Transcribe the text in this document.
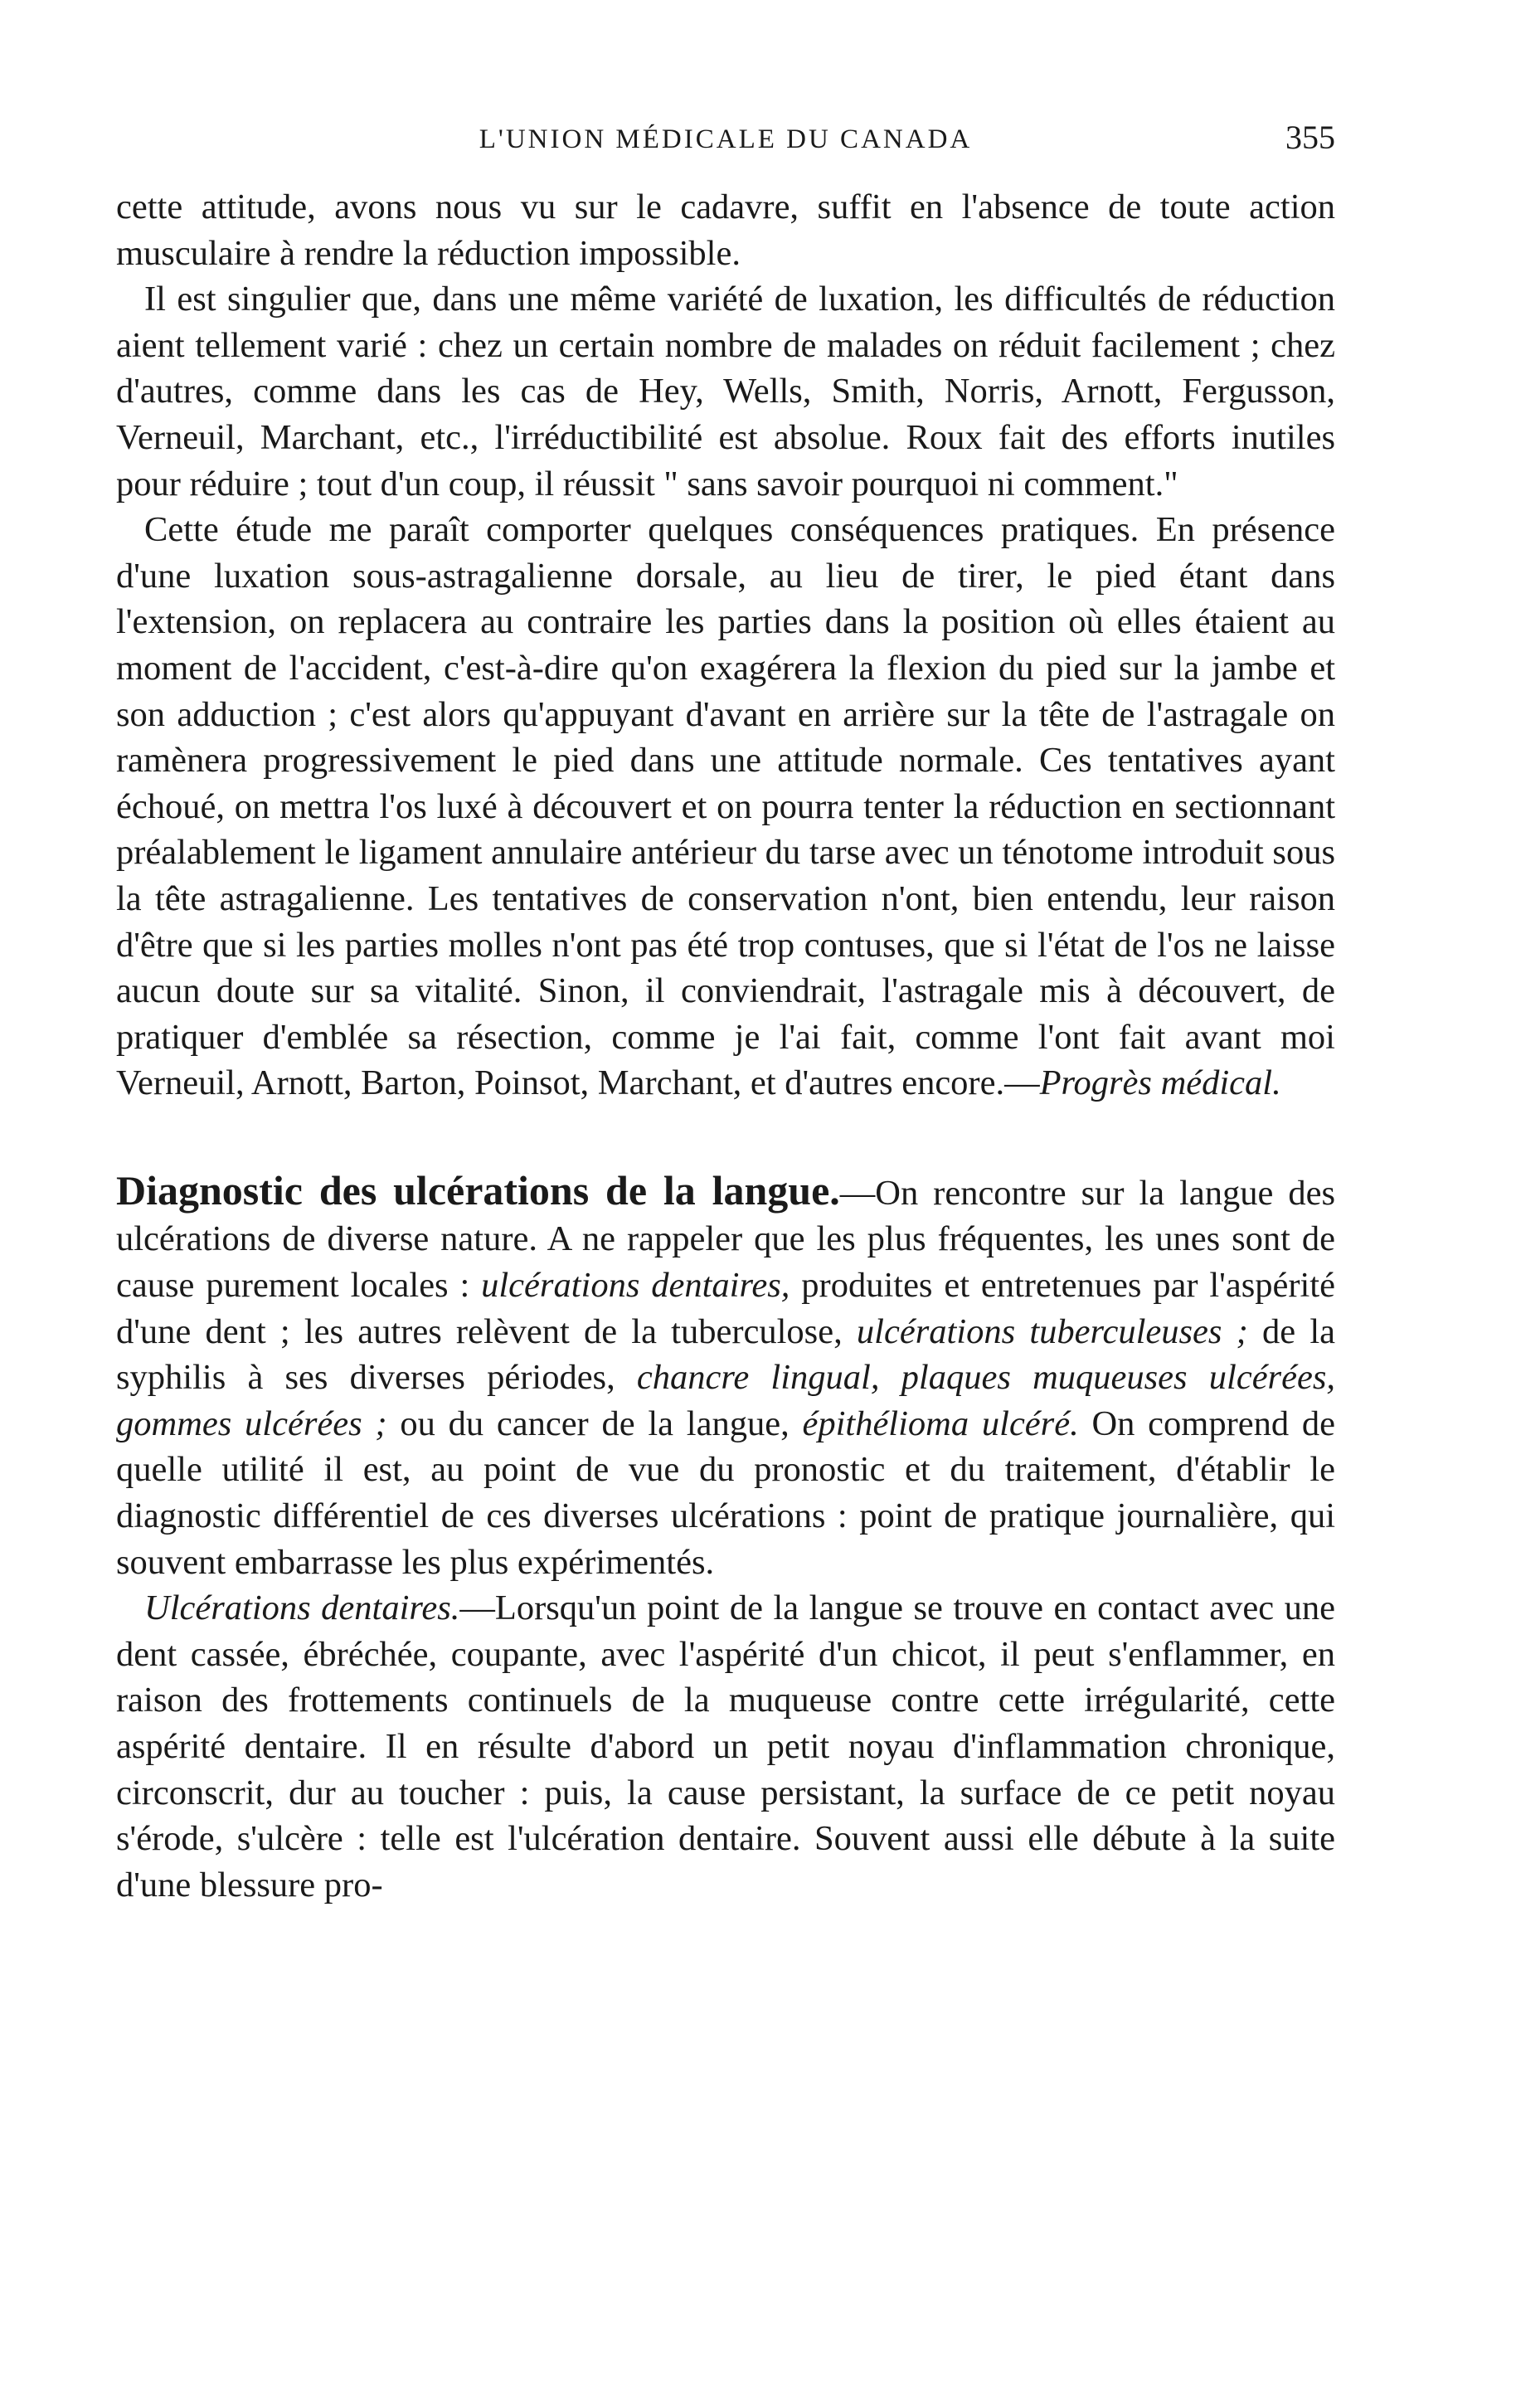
L'UNION MÉDICALE DU CANADA	355

cette attitude, avons nous vu sur le cadavre, suffit en l'absence de toute action musculaire à rendre la réduction impossible.

Il est singulier que, dans une même variété de luxation, les difficultés de réduction aient tellement varié : chez un certain nombre de malades on réduit facilement ; chez d'autres, comme dans les cas de Hey, Wells, Smith, Norris, Arnott, Fergusson, Verneuil, Marchant, etc., l'irréductibilité est absolue. Roux fait des efforts inutiles pour réduire ; tout d'un coup, il réussit " sans savoir pourquoi ni comment."

Cette étude me paraît comporter quelques conséquences pratiques. En présence d'une luxation sous-astragalienne dorsale, au lieu de tirer, le pied étant dans l'extension, on replacera au contraire les parties dans la position où elles étaient au moment de l'accident, c'est-à-dire qu'on exagérera la flexion du pied sur la jambe et son adduction ; c'est alors qu'appuyant d'avant en arrière sur la tête de l'astragale on ramènera progressivement le pied dans une attitude normale. Ces tentatives ayant échoué, on mettra l'os luxé à découvert et on pourra tenter la réduction en sectionnant préalablement le ligament annulaire antérieur du tarse avec un ténotome introduit sous la tête astragalienne. Les tentatives de conservation n'ont, bien entendu, leur raison d'être que si les parties molles n'ont pas été trop contuses, que si l'état de l'os ne laisse aucun doute sur sa vitalité. Sinon, il conviendrait, l'astragale mis à découvert, de pratiquer d'emblée sa résection, comme je l'ai fait, comme l'ont fait avant moi Verneuil, Arnott, Barton, Poinsot, Marchant, et d'autres encore.—Progrès médical.

Diagnostic des ulcérations de la langue.—On rencontre sur la langue des ulcérations de diverse nature. A ne rappeler que les plus fréquentes, les unes sont de cause purement locales : ulcérations dentaires, produites et entretenues par l'aspérité d'une dent ; les autres relèvent de la tuberculose, ulcérations tuberculeuses ; de la syphilis à ses diverses périodes, chancre lingual, plaques muqueuses ulcérées, gommes ulcérées ; ou du cancer de la langue, épithélioma ulcéré. On comprend de quelle utilité il est, au point de vue du pronostic et du traitement, d'établir le diagnostic différentiel de ces diverses ulcérations : point de pratique journalière, qui souvent embarrasse les plus expérimentés.

Ulcérations dentaires.—Lorsqu'un point de la langue se trouve en contact avec une dent cassée, ébréchée, coupante, avec l'aspérité d'un chicot, il peut s'enflammer, en raison des frottements continuels de la muqueuse contre cette irrégularité, cette aspérité dentaire. Il en résulte d'abord un petit noyau d'inflammation chronique, circonscrit, dur au toucher : puis, la cause persistant, la surface de ce petit noyau s'érode, s'ulcère : telle est l'ulcération dentaire. Souvent aussi elle débute à la suite d'une blessure pro-
